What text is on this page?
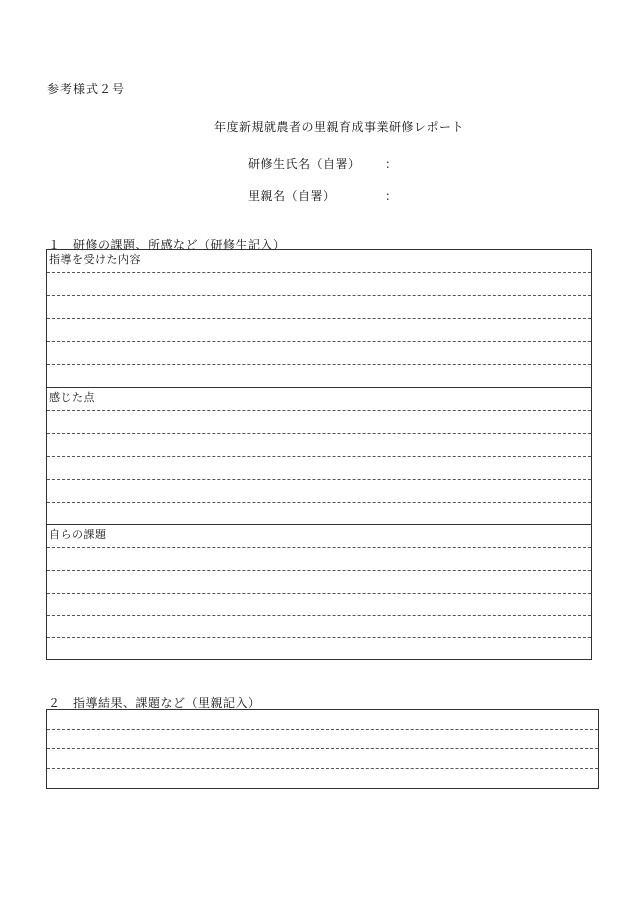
参考様式２号
年度新規就農者の里親育成事業研修レポート
研修生氏名（自署） ：
里親名（自署）	：
１　研修の課題、所感など（研修生記入）
指導を受けた内容
感じた点
自らの課題
２　指導結果、課題など（里親記入）
